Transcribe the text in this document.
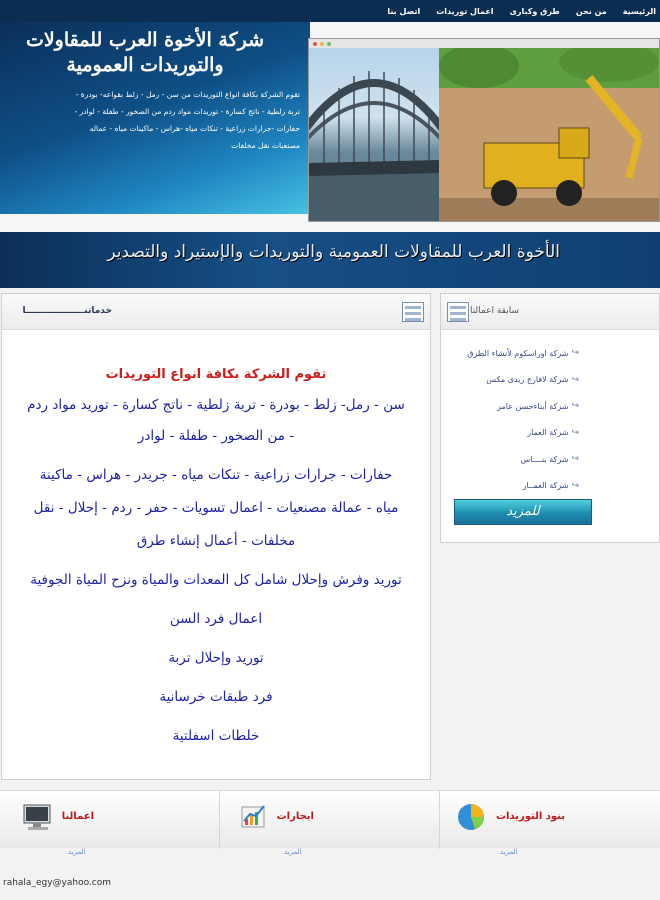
الرئيسية
من نحن
طرق وكبارى
اعمال توريدات
اتصل بنا
شركة الأخوة العرب للمقاولات
والتوريدات العمومية
تقوم الشركة بكافة انواع التوريدات من سن - رمل - زلط بقواعه- بودرة -
تربة زلطية - ناتج كسارة - توريدات مواد ردم من الصخور - طفلة - لوادر -
حفارات -جرارات زراعية - تنكات مياه -هراس - ماكينات مياه - عماله
مصنعيات نقل مخلفات
الأخوة العرب للمقاولات العمومية والتوريدات والإستيراد والتصدير
خدماتنـــــــــــــــــــا
تقوم الشركة بكافة انواع التوريدات
سن - رمل- زلط - بودرة - تربة زلطية - ناتج كسارة - توريد مواد ردم
- من الصخور - طفلة - لوادر
حفارات - جرارات زراعية - تنكات مياه - جريدر - هراس - ماكينة
مياه - عمالة مصنعيات - اعمال تسويات - حفر - ردم - إحلال - نقل
مخلفات - أعمال إنشاء طرق
توريد وفرش وإحلال شامل كل المعدات والمياة ونزح المياة الجوفية
اعمال فرد السن
توريد وإحلال تربة
فرد طبقات خرسانية
خلطات اسفلتية
سابقة اعمالنا
↪
شركة اوراسكوم لأنشاء الطرق
↪
شركة لافارج ريدى مكس
↪
شركة أبناءحسن عامر
↪
شركة العمار
↪
شركة بنــــاس
↪
شركة العمــار
للمزيد
اعمالنا	ايجارات	بنود التوريدات
المزيد	المزيد	المزيد
rahala_egy@yahoo.com
